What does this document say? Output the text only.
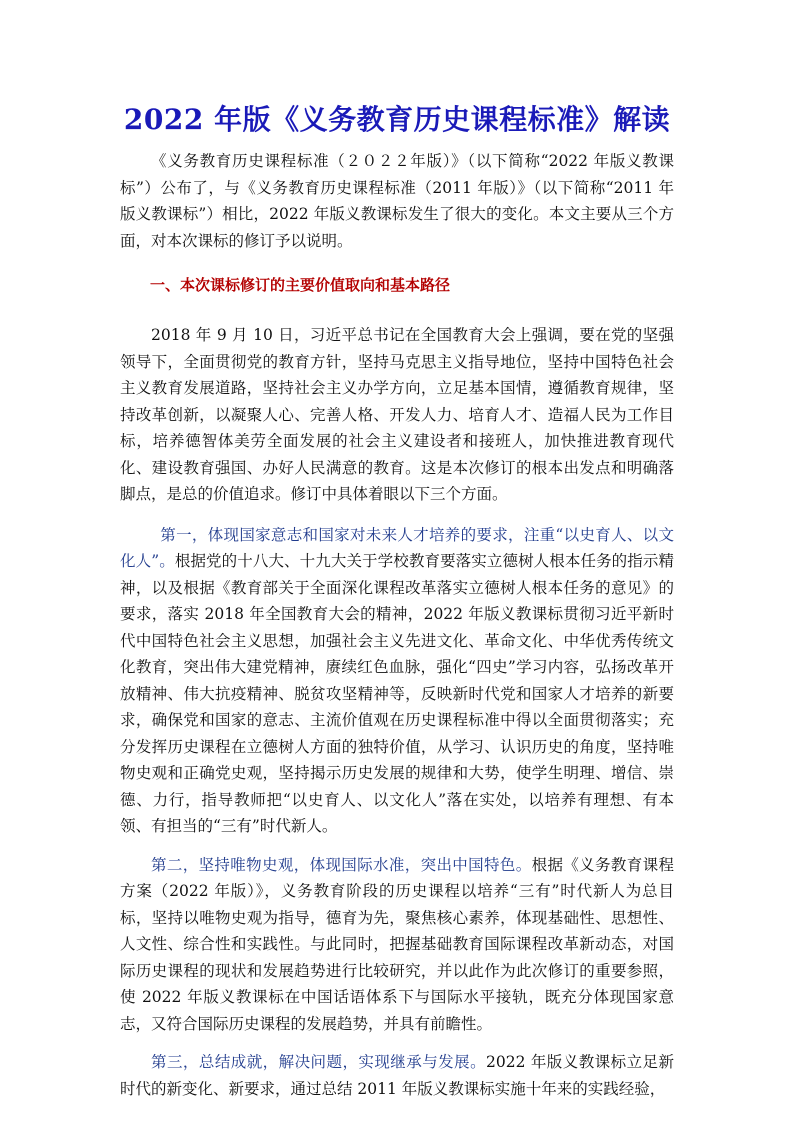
2022 年版《义务教育历史课程标准》解读

《义务教育历史课程标准（２０２２年版）》（以下简称“2022 年版义教课标”）公布了，与《义务教育历史课程标准（2011 年版）》（以下简称“2011 年版义教课标”）相比，2022 年版义教课标发生了很大的变化。本文主要从三个方面，对本次课标的修订予以说明。

一、本次课标修订的主要价值取向和基本路径

2018 年 9 月 10 日，习近平总书记在全国教育大会上强调，要在党的坚强领导下，全面贯彻党的教育方针，坚持马克思主义指导地位，坚持中国特色社会主义教育发展道路，坚持社会主义办学方向，立足基本国情，遵循教育规律，坚持改革创新，以凝聚人心、完善人格、开发人力、培育人才、造福人民为工作目标，培养德智体美劳全面发展的社会主义建设者和接班人，加快推进教育现代化、建设教育强国、办好人民满意的教育。这是本次修订的根本出发点和明确落脚点，是总的价值追求。修订中具体着眼以下三个方面。

第一，体现国家意志和国家对未来人才培养的要求，注重“以史育人、以文化人”。根据党的十八大、十九大关于学校教育要落实立德树人根本任务的指示精神，以及根据《教育部关于全面深化课程改革落实立德树人根本任务的意见》的要求，落实 2018 年全国教育大会的精神，2022 年版义教课标贯彻习近平新时代中国特色社会主义思想，加强社会主义先进文化、革命文化、中华优秀传统文化教育，突出伟大建党精神，赓续红色血脉，强化“四史”学习内容，弘扬改革开放精神、伟大抗疫精神、脱贫攻坚精神等，反映新时代党和国家人才培养的新要求，确保党和国家的意志、主流价值观在历史课程标准中得以全面贯彻落实；充分发挥历史课程在立德树人方面的独特价值，从学习、认识历史的角度，坚持唯物史观和正确党史观，坚持揭示历史发展的规律和大势，使学生明理、增信、崇德、力行，指导教师把“以史育人、以文化人”落在实处，以培养有理想、有本领、有担当的“三有”时代新人。

第二，坚持唯物史观，体现国际水准，突出中国特色。根据《义务教育课程方案（2022 年版）》，义务教育阶段的历史课程以培养“三有”时代新人为总目标，坚持以唯物史观为指导，德育为先，聚焦核心素养，体现基础性、思想性、人文性、综合性和实践性。与此同时，把握基础教育国际课程改革新动态，对国际历史课程的现状和发展趋势进行比较研究，并以此作为此次修订的重要参照，使 2022 年版义教课标在中国话语体系下与国际水平接轨，既充分体现国家意志，又符合国际历史课程的发展趋势，并具有前瞻性。

第三，总结成就，解决问题，实现继承与发展。2022 年版义教课标立足新时代的新变化、新要求，通过总结 2011 年版义教课标实施十年来的实践经验，
